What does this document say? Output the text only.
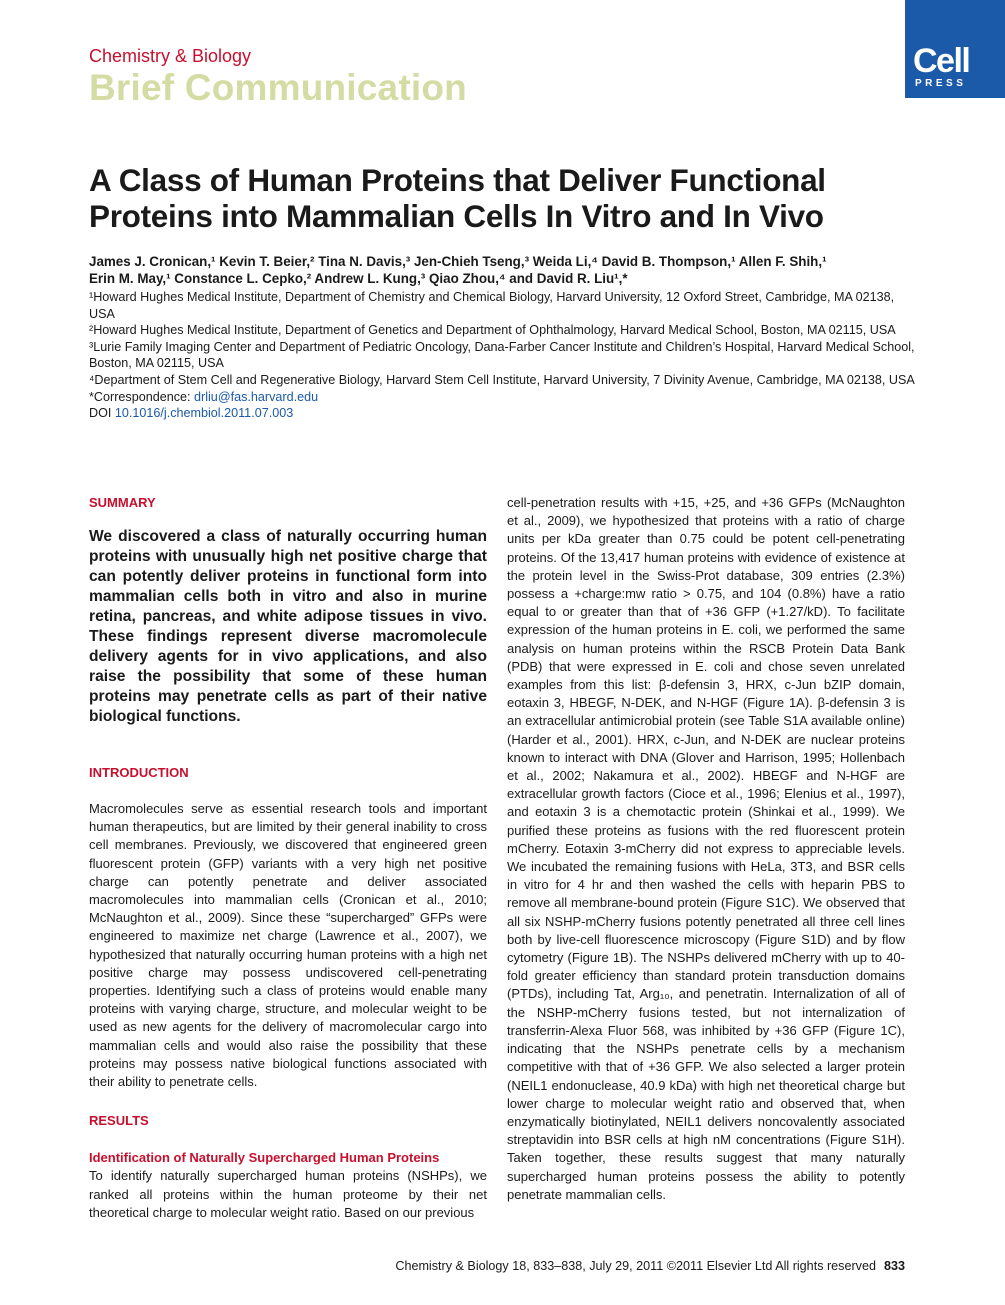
Chemistry & Biology
Brief Communication
Cell
PRESS
A Class of Human Proteins that Deliver Functional Proteins into Mammalian Cells In Vitro and In Vivo
James J. Cronican,¹ Kevin T. Beier,² Tina N. Davis,³ Jen-Chieh Tseng,³ Weida Li,⁴ David B. Thompson,¹ Allen F. Shih,¹
Erin M. May,¹ Constance L. Cepko,² Andrew L. Kung,³ Qiao Zhou,⁴ and David R. Liu¹,*

¹Howard Hughes Medical Institute, Department of Chemistry and Chemical Biology, Harvard University, 12 Oxford Street, Cambridge, MA 02138, USA

²Howard Hughes Medical Institute, Department of Genetics and Department of Ophthalmology, Harvard Medical School, Boston, MA 02115, USA

³Lurie Family Imaging Center and Department of Pediatric Oncology, Dana-Farber Cancer Institute and Children’s Hospital, Harvard Medical School, Boston, MA 02115, USA

⁴Department of Stem Cell and Regenerative Biology, Harvard Stem Cell Institute, Harvard University, 7 Divinity Avenue, Cambridge, MA 02138, USA

*Correspondence: drliu@fas.harvard.edu

DOI 10.1016/j.chembiol.2011.07.003

SUMMARY

We discovered a class of naturally occurring human proteins with unusually high net positive charge that can potently deliver proteins in functional form into mammalian cells both in vitro and also in murine retina, pancreas, and white adipose tissues in vivo. These findings represent diverse macromolecule delivery agents for in vivo applications, and also raise the possibility that some of these human proteins may penetrate cells as part of their native biological functions.

INTRODUCTION

Macromolecules serve as essential research tools and important human therapeutics, but are limited by their general inability to cross cell membranes. Previously, we discovered that engineered green fluorescent protein (GFP) variants with a very high net positive charge can potently penetrate and deliver associated macromolecules into mammalian cells (Cronican et al., 2010; McNaughton et al., 2009). Since these “supercharged” GFPs were engineered to maximize net charge (Lawrence et al., 2007), we hypothesized that naturally occurring human proteins with a high net positive charge may possess undiscovered cell-penetrating properties. Identifying such a class of proteins would enable many proteins with varying charge, structure, and molecular weight to be used as new agents for the delivery of macromolecular cargo into mammalian cells and would also raise the possibility that these proteins may possess native biological functions associated with their ability to penetrate cells.

RESULTS

Identification of Naturally Supercharged Human Proteins

To identify naturally supercharged human proteins (NSHPs), we ranked all proteins within the human proteome by their net theoretical charge to molecular weight ratio. Based on our previous

cell-penetration results with +15, +25, and +36 GFPs (McNaughton et al., 2009), we hypothesized that proteins with a ratio of charge units per kDa greater than 0.75 could be potent cell-penetrating proteins. Of the 13,417 human proteins with evidence of existence at the protein level in the Swiss-Prot database, 309 entries (2.3%) possess a +charge:mw ratio > 0.75, and 104 (0.8%) have a ratio equal to or greater than that of +36 GFP (+1.27/kD). To facilitate expression of the human proteins in E. coli, we performed the same analysis on human proteins within the RSCB Protein Data Bank (PDB) that were expressed in E. coli and chose seven unrelated examples from this list: β-defensin 3, HRX, c-Jun bZIP domain, eotaxin 3, HBEGF, N-DEK, and N-HGF (Figure 1A). β-defensin 3 is an extracellular antimicrobial protein (see Table S1A available online) (Harder et al., 2001). HRX, c-Jun, and N-DEK are nuclear proteins known to interact with DNA (Glover and Harrison, 1995; Hollenbach et al., 2002; Nakamura et al., 2002). HBEGF and N-HGF are extracellular growth factors (Cioce et al., 1996; Elenius et al., 1997), and eotaxin 3 is a chemotactic protein (Shinkai et al., 1999). We purified these proteins as fusions with the red fluorescent protein mCherry. Eotaxin 3-mCherry did not express to appreciable levels. We incubated the remaining fusions with HeLa, 3T3, and BSR cells in vitro for 4 hr and then washed the cells with heparin PBS to remove all membrane-bound protein (Figure S1C). We observed that all six NSHP-mCherry fusions potently penetrated all three cell lines both by live-cell fluorescence microscopy (Figure S1D) and by flow cytometry (Figure 1B). The NSHPs delivered mCherry with up to 40-fold greater efficiency than standard protein transduction domains (PTDs), including Tat, Arg₁₀, and penetratin. Internalization of all of the NSHP-mCherry fusions tested, but not internalization of transferrin-Alexa Fluor 568, was inhibited by +36 GFP (Figure 1C), indicating that the NSHPs penetrate cells by a mechanism competitive with that of +36 GFP. We also selected a larger protein (NEIL1 endonuclease, 40.9 kDa) with high net theoretical charge but lower charge to molecular weight ratio and observed that, when enzymatically biotinylated, NEIL1 delivers noncovalently associated streptavidin into BSR cells at high nM concentrations (Figure S1H). Taken together, these results suggest that many naturally supercharged human proteins possess the ability to potently penetrate mammalian cells.

Chemistry & Biology 18, 833–838, July 29, 2011 ©2011 Elsevier Ltd All rights reserved 833
